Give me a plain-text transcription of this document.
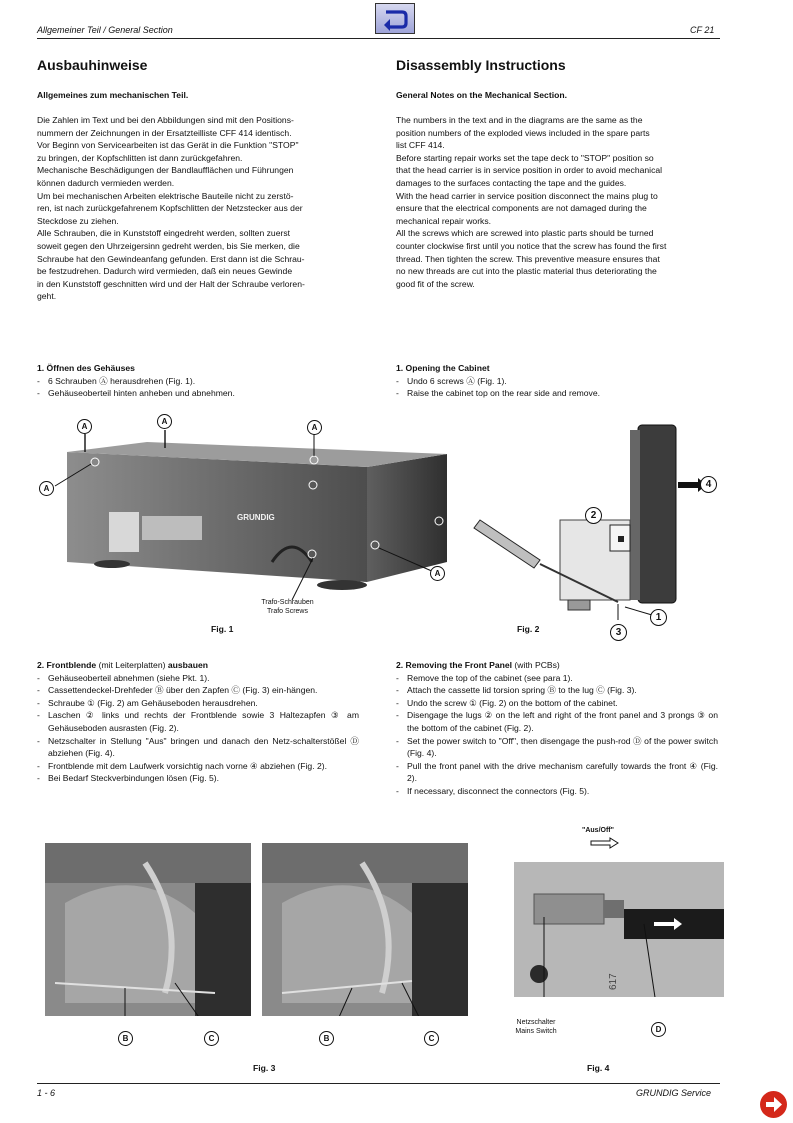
Allgemeiner Teil / General Section	CF 21
Ausbauhinweise
Allgemeines zum mechanischen Teil.

Die Zahlen im Text und bei den Abbildungen sind mit den Positions-

nummern der Zeichnungen in der Ersatzteilliste CFF 414 identisch.

Vor Beginn von Servicearbeiten ist das Gerät in die Funktion "STOP"

zu bringen, der Kopfschlitten ist dann zurückgefahren.

Mechanische Beschädigungen der Bandlaufflächen und Führungen

können dadurch vermieden werden.

Um bei mechanischen Arbeiten elektrische Bauteile nicht zu zerstö-

ren, ist nach zurückgefahrenem Kopfschlitten der Netzstecker aus der

Steckdose zu ziehen.

Alle Schrauben, die in Kunststoff eingedreht werden, sollten zuerst

soweit gegen den Uhrzeigersinn gedreht werden, bis Sie merken, die

Schraube hat den Gewindeanfang gefunden. Erst dann ist die Schrau-

be festzudrehen. Dadurch wird vermieden, daß ein neues Gewinde

in den Kunststoff geschnitten wird und der Halt der Schraube verloren-

geht.

Disassembly Instructions
General Notes on the Mechanical Section.

The numbers in the text and in the diagrams are the same as the

position numbers of the exploded views included in the spare parts

list CFF 414.

Before starting repair works set the tape deck to "STOP" position so

that the head carrier is in service position in order to avoid mechanical

damages to the surfaces contacting the tape and the guides.

With the head carrier in service position disconnect the mains plug to

ensure that the electrical components are not damaged during the

mechanical repair works.

All the screws which are screwed into plastic parts should be turned

counter clockwise first until you notice that the screw has found the first

thread. Then tighten the screw. This preventive measure ensures that

no new threads are cut into the plastic material thus deteriorating the

good fit of the screw.

1. Öffnen des Gehäuses
- 6 Schrauben Ⓐ herausdrehen (Fig. 1).
- Gehäuseoberteil hinten anheben und abnehmen.
1. Opening the Cabinet
- Undo 6 screws Ⓐ (Fig. 1).
- Raise the cabinet top on the rear side and remove.
GRUNDIG
A
A
A
A
A
Trafo-Schrauben
Trafo Screws
Fig. 1
2
1
3
4
Fig. 2
2. Frontblende (mit Leiterplatten) ausbauen
- Gehäuseoberteil abnehmen (siehe Pkt. 1).
- Cassettendeckel-Drehfeder Ⓑ über den Zapfen Ⓒ (Fig. 3) ein-hängen.
- Schraube ① (Fig. 2) am Gehäuseboden herausdrehen.
- Laschen ② links und rechts der Frontblende sowie 3 Haltezapfen ③ am Gehäuseboden ausrasten (Fig. 2).
- Netzschalter in Stellung "Aus" bringen und danach den Netz-schalterstößel Ⓓ abziehen (Fig. 4).
- Frontblende mit dem Laufwerk vorsichtig nach vorne ④ abziehen (Fig. 2).
- Bei Bedarf Steckverbindungen lösen (Fig. 5).
2. Removing the Front Panel (with PCBs)
- Remove the top of the cabinet (see para 1).
- Attach the cassette lid torsion spring Ⓑ to the lug Ⓒ (Fig. 3).
- Undo the screw ① (Fig. 2) on the bottom of the cabinet.
- Disengage the lugs ② on the left and right of the front panel and 3 prongs ③ on the bottom of the cabinet (Fig. 2).
- Set the power switch to "Off", then disengage the push-rod Ⓓ of the power switch (Fig. 4).
- Pull the front panel with the drive mechanism carefully towards the front ④ (Fig. 2).
- If necessary, disconnect the connectors (Fig. 5).
B	C	B	C
Fig. 3
"Aus/Off"
617
Netzschalter
Mains Switch	D
Fig. 4
1 - 6	GRUNDIG Service
